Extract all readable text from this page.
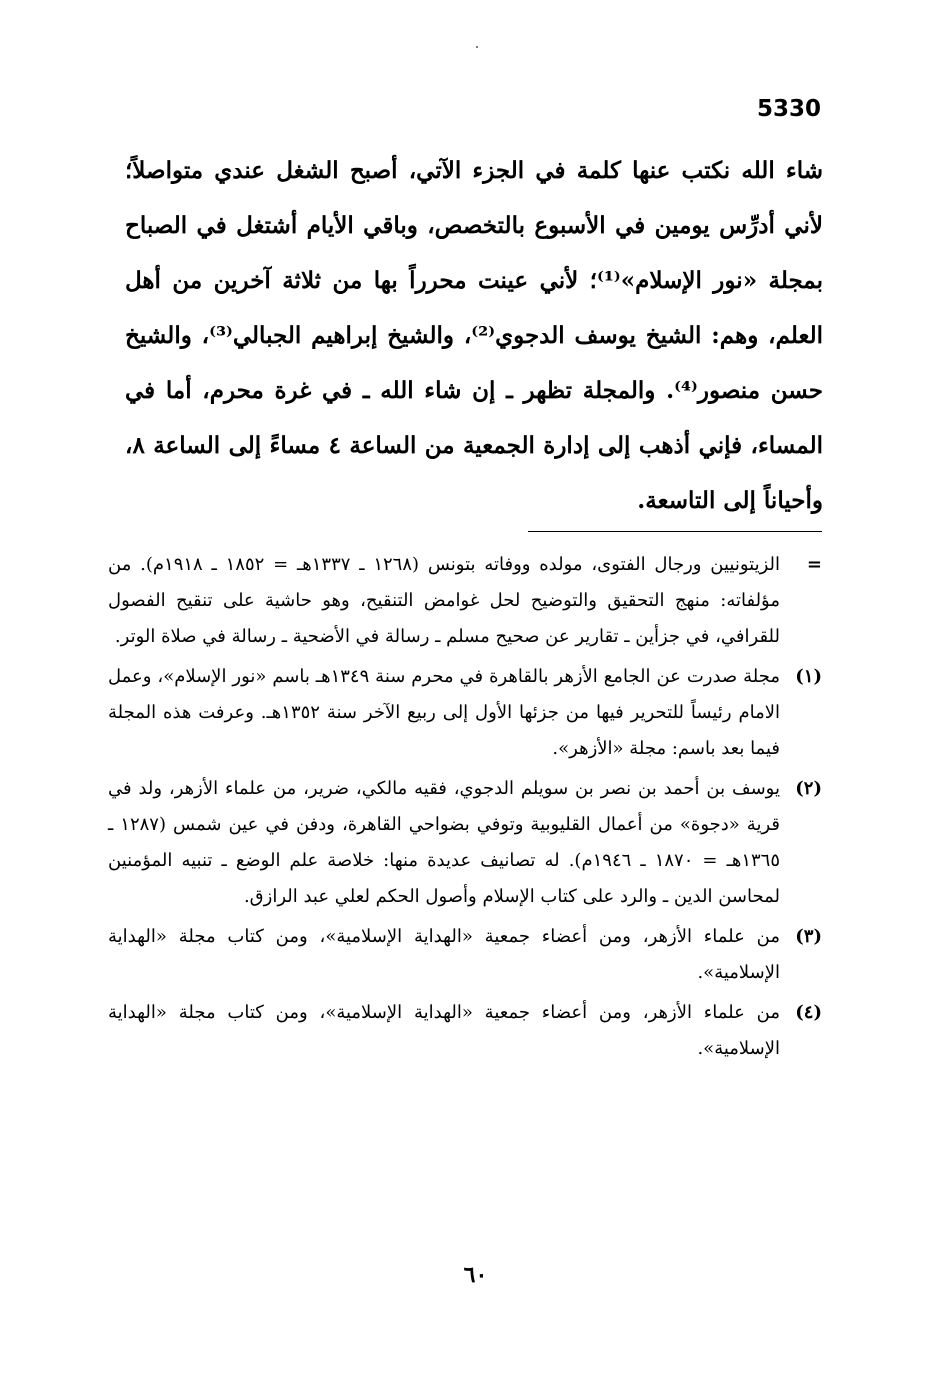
5330

شاء الله نكتب عنها كلمة في الجزء الآتي، أصبح الشغل عندي متواصلاً؛ لأني أدرِّس يومين في الأسبوع بالتخصص، وباقي الأيام أشتغل في الصباح بمجلة «نور الإسلام»⁽¹⁾؛ لأني عينت محرراً بها من ثلاثة آخرين من أهل العلم، وهم: الشيخ يوسف الدجوي⁽²⁾، والشيخ إبراهيم الجبالي⁽³⁾، والشيخ حسن منصور⁽⁴⁾. والمجلة تظهر ـ إن شاء الله ـ في غرة محرم، أما في المساء، فإني أذهب إلى إدارة الجمعية من الساعة ٤ مساءً إلى الساعة ٨، وأحياناً إلى التاسعة.

=
الزيتونيين ورجال الفتوى، مولده ووفاته بتونس (١٢٦٨ ـ ١٣٣٧هـ = ١٨٥٢ ـ ١٩١٨م). من مؤلفاته: منهج التحقيق والتوضيح لحل غوامض التنقيح، وهو حاشية على تنقيح الفصول للقرافي، في جزأين ـ تقارير عن صحيح مسلم ـ رسالة في الأضحية ـ رسالة في صلاة الوتر.
(١)
مجلة صدرت عن الجامع الأزهر بالقاهرة في محرم سنة ١٣٤٩هـ باسم «نور الإسلام»، وعمل الامام رئيساً للتحرير فيها من جزئها الأول إلى ربيع الآخر سنة ١٣٥٢هـ. وعرفت هذه المجلة فيما بعد باسم: مجلة «الأزهر».
(٢)
يوسف بن أحمد بن نصر بن سويلم الدجوي، فقيه مالكي، ضرير، من علماء الأزهر، ولد في قرية «دجوة» من أعمال القليوبية وتوفي بضواحي القاهرة، ودفن في عين شمس (١٢٨٧ ـ ١٣٦٥هـ = ١٨٧٠ ـ ١٩٤٦م). له تصانيف عديدة منها: خلاصة علم الوضع ـ تنبيه المؤمنين لمحاسن الدين ـ والرد على كتاب الإسلام وأصول الحكم لعلي عبد الرازق.
(٣)
من علماء الأزهر، ومن أعضاء جمعية «الهداية الإسلامية»، ومن كتاب مجلة «الهداية الإسلامية».
(٤)
من علماء الأزهر، ومن أعضاء جمعية «الهداية الإسلامية»، ومن كتاب مجلة «الهداية الإسلامية».
٦٠
